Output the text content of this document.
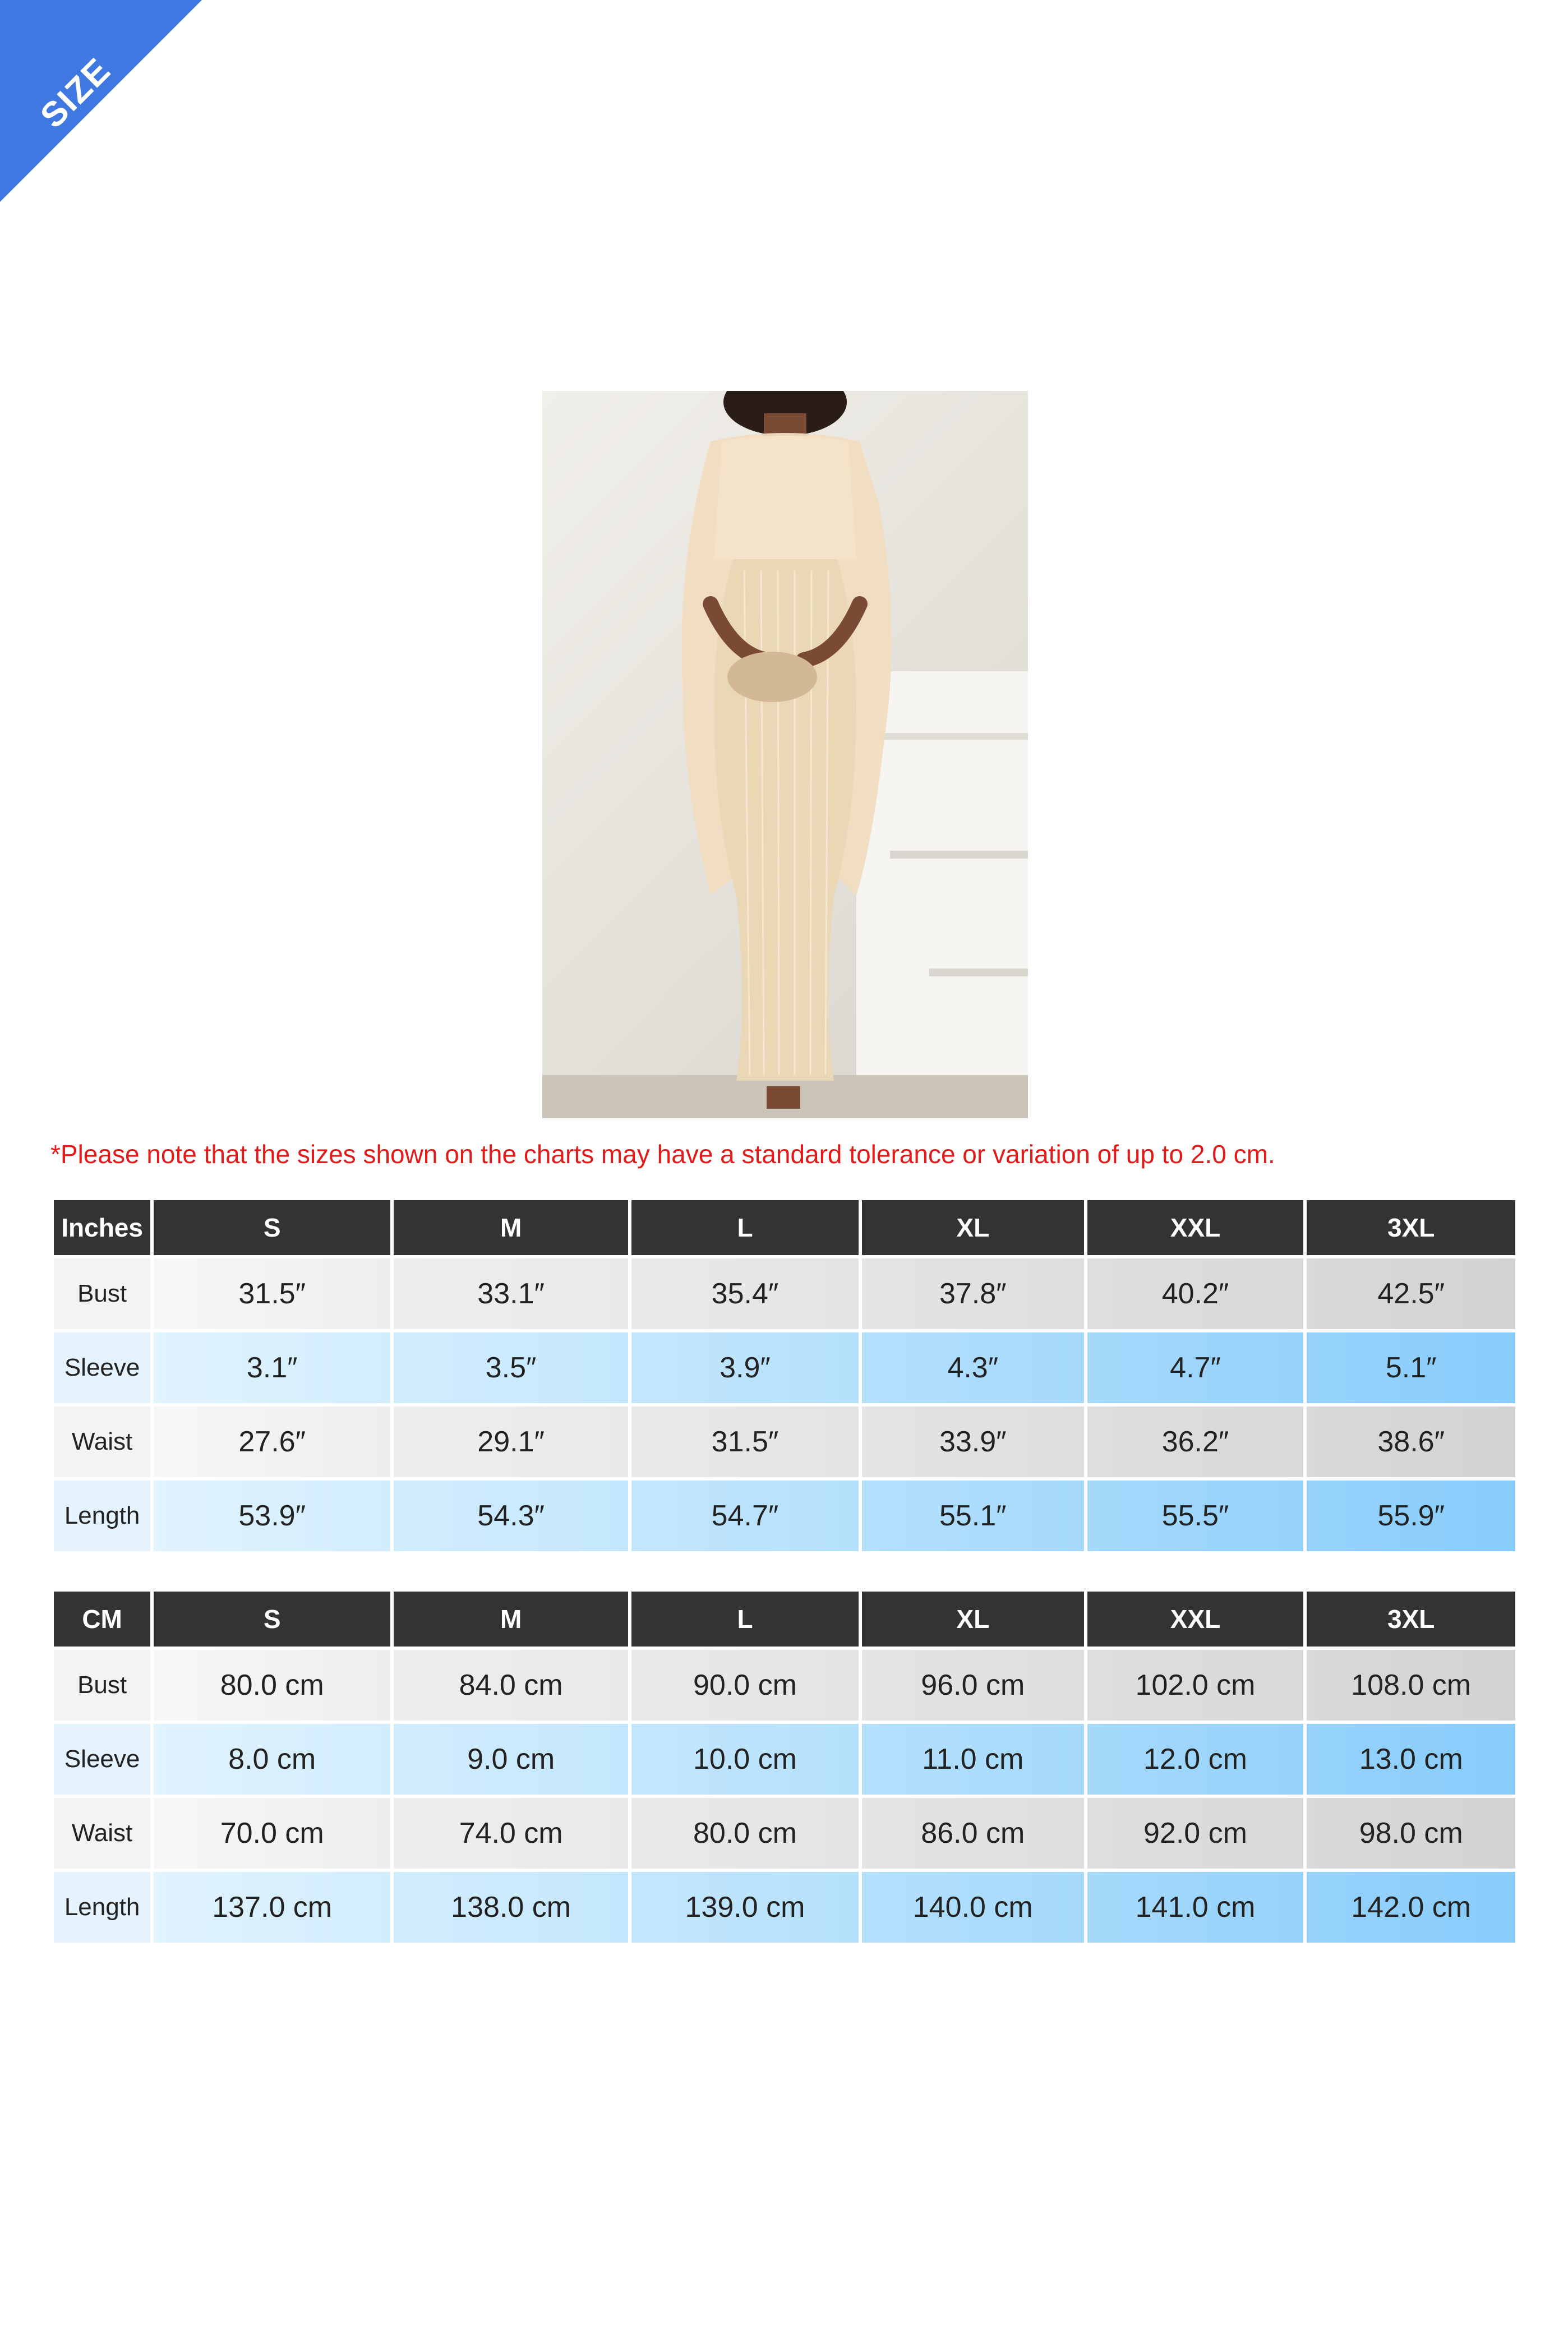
SIZE CHART
*Please note that the sizes shown on the charts may have a standard tolerance or variation of up to 2.0 cm.
Inches	S	M	L	XL	XXL	3XL
Bust	31.5″	33.1″	35.4″	37.8″	40.2″	42.5″
Sleeve	3.1″	3.5″	3.9″	4.3″	4.7″	5.1″
Waist	27.6″	29.1″	31.5″	33.9″	36.2″	38.6″
Length	53.9″	54.3″	54.7″	55.1″	55.5″	55.9″
CM	S	M	L	XL	XXL	3XL
Bust	80.0 cm	84.0 cm	90.0 cm	96.0 cm	102.0 cm	108.0 cm
Sleeve	8.0 cm	9.0 cm	10.0 cm	11.0 cm	12.0 cm	13.0 cm
Waist	70.0 cm	74.0 cm	80.0 cm	86.0 cm	92.0 cm	98.0 cm
Length	137.0 cm	138.0 cm	139.0 cm	140.0 cm	141.0 cm	142.0 cm
